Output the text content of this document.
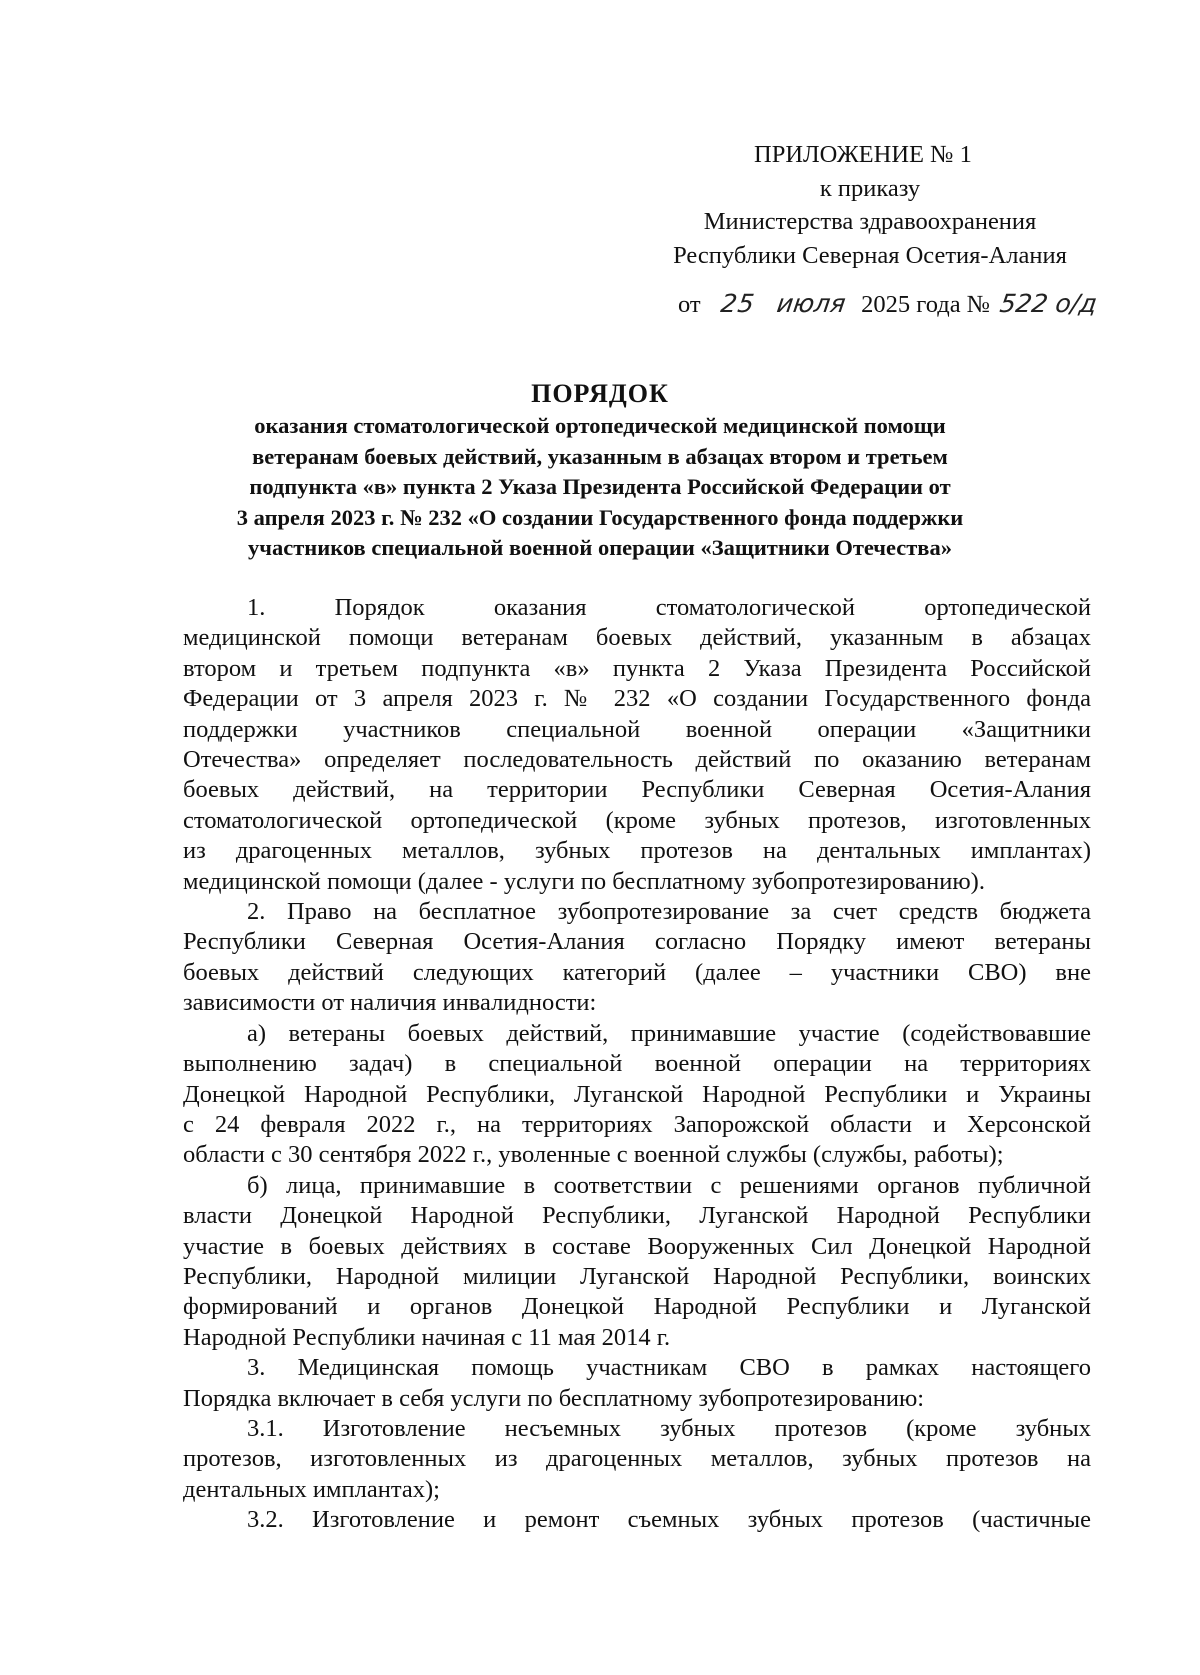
ПРИЛОЖЕНИЕ № 1
к приказу
Министерства здравоохранения
Республики Северная Осетия-Алания
от 25 июля 2025 года № 522 о/д
ПОРЯДОК
оказания стоматологической ортопедической медицинской помощи
ветеранам боевых действий, указанным в абзацах втором и третьем
подпункта «в» пункта 2 Указа Президента Российской Федерации от
3 апреля 2023 г. № 232 «О создании Государственного фонда поддержки
участников специальной военной операции «Защитники Отечества»
1. Порядок оказания стоматологической ортопедической
медицинской помощи ветеранам боевых действий, указанным в абзацах
втором и третьем подпункта «в» пункта 2 Указа Президента Российской
Федерации от 3 апреля 2023 г. № 232 «О создании Государственного фонда
поддержки участников специальной военной операции «Защитники
Отечества» определяет последовательность действий по оказанию ветеранам
боевых действий, на территории Республики Северная Осетия-Алания
стоматологической ортопедической (кроме зубных протезов, изготовленных
из драгоценных металлов, зубных протезов на дентальных имплантах)
медицинской помощи (далее - услуги по бесплатному зубопротезированию).
2. Право на бесплатное зубопротезирование за счет средств бюджета
Республики Северная Осетия-Алания согласно Порядку имеют ветераны
боевых действий следующих категорий (далее – участники СВО) вне
зависимости от наличия инвалидности:
а) ветераны боевых действий, принимавшие участие (содействовавшие
выполнению задач) в специальной военной операции на территориях
Донецкой Народной Республики, Луганской Народной Республики и Украины
с 24 февраля 2022 г., на территориях Запорожской области и Херсонской
области с 30 сентября 2022 г., уволенные с военной службы (службы, работы);
б) лица, принимавшие в соответствии с решениями органов публичной
власти Донецкой Народной Республики, Луганской Народной Республики
участие в боевых действиях в составе Вооруженных Сил Донецкой Народной
Республики, Народной милиции Луганской Народной Республики, воинских
формирований и органов Донецкой Народной Республики и Луганской
Народной Республики начиная с 11 мая 2014 г.
3. Медицинская помощь участникам СВО в рамках настоящего
Порядка включает в себя услуги по бесплатному зубопротезированию:
3.1. Изготовление несъемных зубных протезов (кроме зубных
протезов, изготовленных из драгоценных металлов, зубных протезов на
дентальных имплантах);
3.2. Изготовление и ремонт съемных зубных протезов (частичные
